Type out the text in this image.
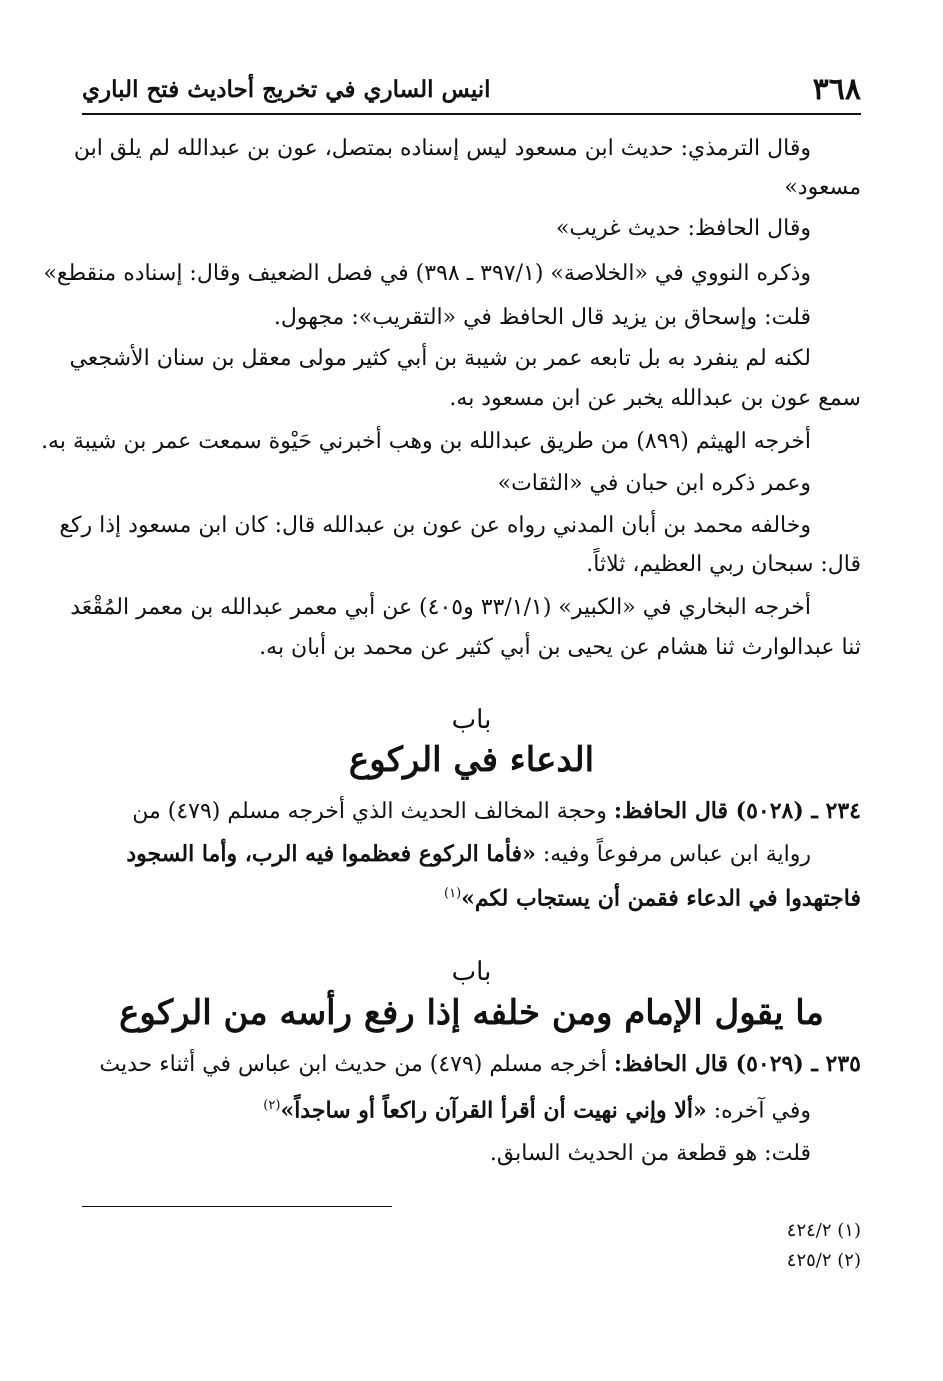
٣٦٨
انيس الساري في تخريج أحاديث فتح الباري
وقال الترمذي: حديث ابن مسعود ليس إسناده بمتصل، عون بن عبدالله لم يلق ابن
مسعود»
وقال الحافظ: حديث غريب»
وذكره النووي في «الخلاصة» (٣٩٧/١ ـ ٣٩٨) في فصل الضعيف وقال: إسناده منقطع»
قلت: وإسحاق بن يزيد قال الحافظ في «التقريب»: مجهول.
لكنه لم ينفرد به بل تابعه عمر بن شيبة بن أبي كثير مولى معقل بن سنان الأشجعي
سمع عون بن عبدالله يخبر عن ابن مسعود به.
أخرجه الهيثم (٨٩٩) من طريق عبدالله بن وهب أخبرني حَيْوة سمعت عمر بن شيبة به.
وعمر ذكره ابن حبان في «الثقات»
وخالفه محمد بن أبان المدني رواه عن عون بن عبدالله قال: كان ابن مسعود إذا ركع
قال: سبحان ربي العظيم، ثلاثاً.
أخرجه البخاري في «الكبير» (٣٣/١/١ و٤٠٥) عن أبي معمر عبدالله بن معمر المُقْعَد
ثنا عبدالوارث ثنا هشام عن يحيى بن أبي كثير عن محمد بن أبان به.
باب
الدعاء في الركوع
٢٣٤ ـ (٥٠٢٨) قال الحافظ: وحجة المخالف الحديث الذي أخرجه مسلم (٤٧٩) من
رواية ابن عباس مرفوعاً وفيه: «فأما الركوع فعظموا فيه الرب، وأما السجود
فاجتهدوا في الدعاء فقمن أن يستجاب لكم»$^{(١)}$
باب
ما يقول الإمام ومن خلفه إذا رفع رأسه من الركوع
٢٣٥ ـ (٥٠٢٩) قال الحافظ: أخرجه مسلم (٤٧٩) من حديث ابن عباس في أثناء حديث
وفي آخره: «ألا وإني نهيت أن أقرأ القرآن راكعاً أو ساجداً»$^{(٢)}$
قلت: هو قطعة من الحديث السابق.
(١) ٤٢٤/٢
(٢) ٤٢٥/٢
